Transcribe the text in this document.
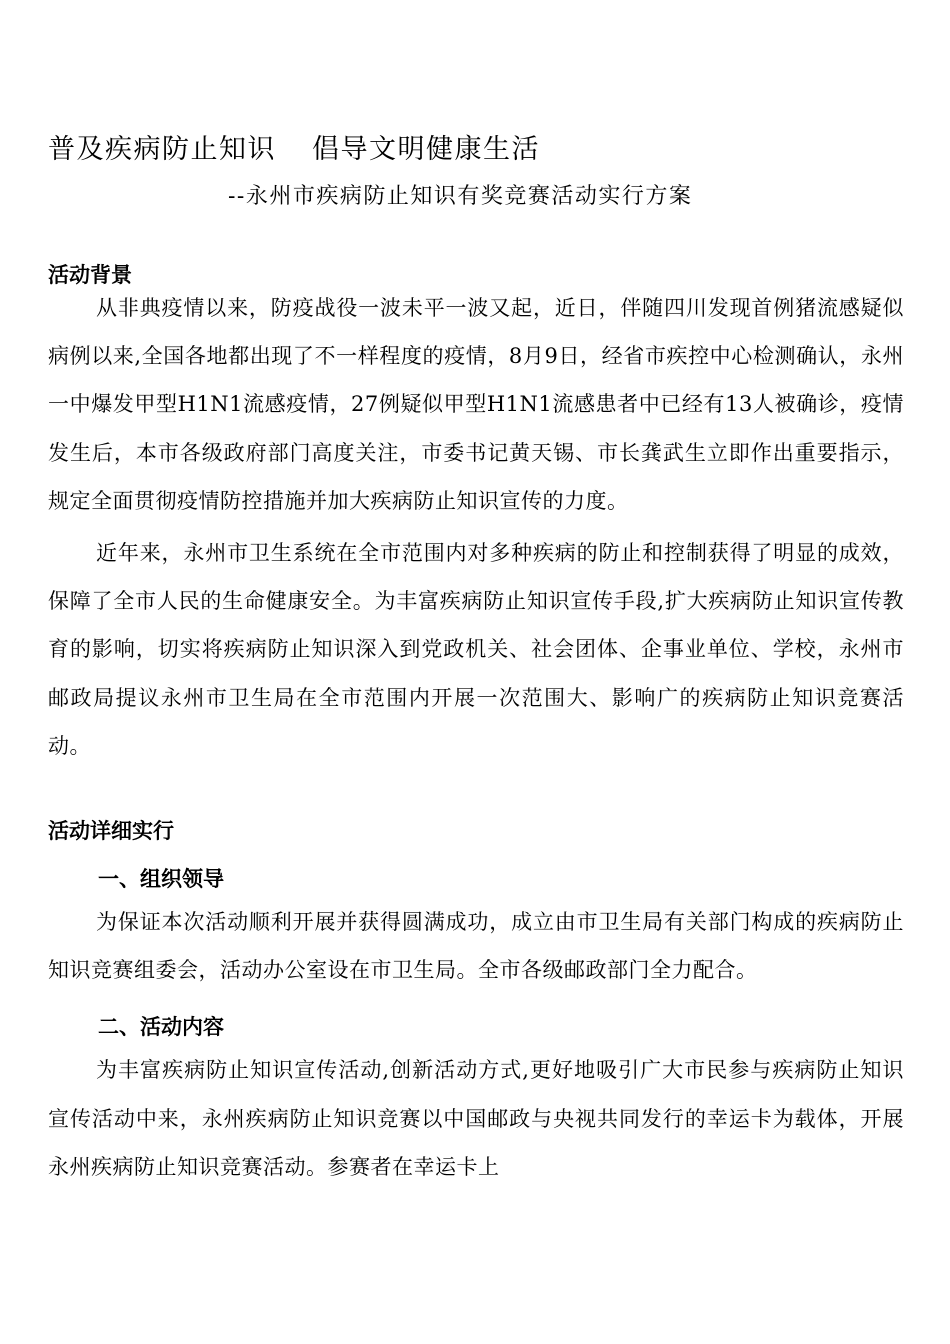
普及疾病防止知识 倡导文明健康生活

--永州市疾病防止知识有奖竞赛活动实行方案

活动背景

从非典疫情以来，防疫战役一波未平一波又起，近日，伴随四川发现首例猪流感疑似病例以来,全国各地都出现了不一样程度的疫情，8月9日，经省市疾控中心检测确认，永州一中爆发甲型H1N1流感疫情，27例疑似甲型H1N1流感患者中已经有13人被确诊，疫情发生后，本市各级政府部门高度关注，市委书记黄天锡、市长龚武生立即作出重要指示，规定全面贯彻疫情防控措施并加大疾病防止知识宣传的力度。

近年来，永州市卫生系统在全市范围内对多种疾病的防止和控制获得了明显的成效，保障了全市人民的生命健康安全。为丰富疾病防止知识宣传手段,扩大疾病防止知识宣传教育的影响，切实将疾病防止知识深入到党政机关、社会团体、企事业单位、学校，永州市邮政局提议永州市卫生局在全市范围内开展一次范围大、影响广的疾病防止知识竞赛活动。

活动详细实行
一、组织领导

为保证本次活动顺利开展并获得圆满成功，成立由市卫生局有关部门构成的疾病防止知识竞赛组委会，活动办公室设在市卫生局。全市各级邮政部门全力配合。

二、活动内容

为丰富疾病防止知识宣传活动,创新活动方式,更好地吸引广大市民参与疾病防止知识宣传活动中来，永州疾病防止知识竞赛以中国邮政与央视共同发行的幸运卡为载体，开展永州疾病防止知识竞赛活动。参赛者在幸运卡上
